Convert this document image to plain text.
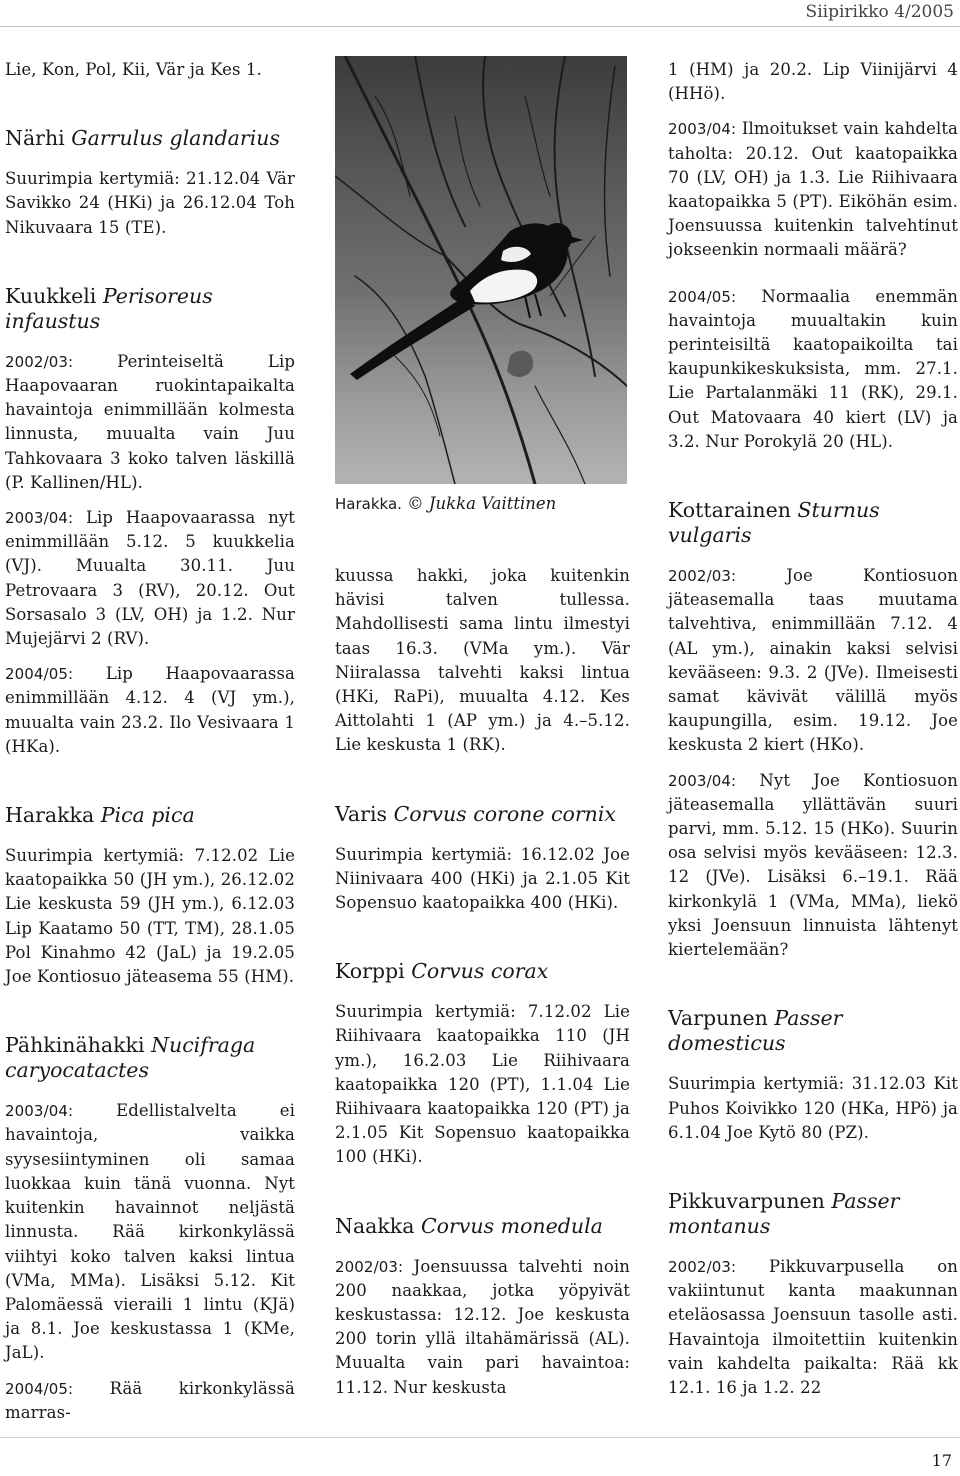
Siipirikko 4/2005

Lie, Kon, Pol, Kii, Vär ja Kes 1.

Närhi Garrulus glandarius

Suurimpia kertymiä: 21.12.04 Vär Savikko 24 (HKi) ja 26.12.04 Toh Nikuvaara 15 (TE).

Kuukkeli Perisoreus infaustus

2002/03: Perinteiseltä Lip Haapovaaran ruokintapaikalta havaintoja enimmillään kolmesta linnusta, muualta vain Juu Tahkovaara 3 koko talven läskillä (P. Kallinen/HL).

2003/04: Lip Haapovaarassa nyt enimmillään 5.12. 5 kuukkelia (VJ). Muualta 30.11. Juu Petrovaara 3 (RV), 20.12. Out Sorsasalo 3 (LV, OH) ja 1.2. Nur Mujejärvi 2 (RV).

2004/05: Lip Haapovaarassa enimmillään 4.12. 4 (VJ ym.), muualta vain 23.2. Ilo Vesivaara 1 (HKa).

Harakka Pica pica

Suurimpia kertymiä: 7.12.02 Lie kaatopaikka 50 (JH ym.), 26.12.02 Lie keskusta 59 (JH ym.), 6.12.03 Lip Kaatamo 50 (TT, TM), 28.1.05 Pol Kinahmo 42 (JaL) ja 19.2.05 Joe Kontiosuo jäteasema 55 (HM).

Pähkinähakki Nucifraga caryocatactes

2003/04: Edellistalvelta ei havaintoja, vaikka syysesiintyminen oli samaa luokkaa kuin tänä vuonna. Nyt kuitenkin havainnot neljästä linnusta. Rää kirkonkylässä viihtyi koko talven kaksi lintua (VMa, MMa). Lisäksi 5.12. Kit Palomäessä vieraili 1 lintu (KJä) ja 8.1. Joe keskustassa 1 (KMe, JaL).

2004/05: Rää kirkonkylässä marras-

Harakka. © Jukka Vaittinen

kuussa hakki, joka kuitenkin hävisi talven tullessa. Mahdollisesti sama lintu ilmestyi taas 16.3. (VMa ym.). Vär Niiralassa talvehti kaksi lintua (HKi, RaPi), muualta 4.12. Kes Aittolahti 1 (AP ym.) ja 4.–5.12. Lie keskusta 1 (RK).

Varis Corvus corone cornix

Suurimpia kertymiä: 16.12.02 Joe Niinivaara 400 (HKi) ja 2.1.05 Kit Sopensuo kaatopaikka 400 (HKi).

Korppi Corvus corax

Suurimpia kertymiä: 7.12.02 Lie Riihivaara kaatopaikka 110 (JH ym.), 16.2.03 Lie Riihivaara kaatopaikka 120 (PT), 1.1.04 Lie Riihivaara kaatopaikka 120 (PT) ja 2.1.05 Kit Sopensuo kaatopaikka 100 (HKi).

Naakka Corvus monedula

2002/03: Joensuussa talvehti noin 200 naakkaa, jotka yöpyivät keskustassa: 12.12. Joe keskusta 200 torin yllä iltahämärissä (AL). Muualta vain pari havaintoa: 11.12. Nur keskusta

1 (HM) ja 20.2. Lip Viinijärvi 4 (HHö).

2003/04: Ilmoitukset vain kahdelta taholta: 20.12. Out kaatopaikka 70 (LV, OH) ja 1.3. Lie Riihivaara kaatopaikka 5 (PT). Eiköhän esim. Joensuussa kuitenkin talvehtinut jokseenkin normaali määrä?

2004/05: Normaalia enemmän havaintoja muualtakin kuin perinteisiltä kaatopaikoilta tai kaupunkikeskuksista, mm. 27.1. Lie Partalanmäki 11 (RK), 29.1. Out Matovaara 40 kiert (LV) ja 3.2. Nur Porokylä 20 (HL).

Kottarainen Sturnus vulgaris

2002/03: Joe Kontiosuon jäteasemalla taas muutama talvehtiva, enimmillään 7.12. 4 (AL ym.), ainakin kaksi selvisi kevääseen: 9.3. 2 (JVe). Ilmeisesti samat kävivät välillä myös kaupungilla, esim. 19.12. Joe keskusta 2 kiert (HKo).

2003/04: Nyt Joe Kontiosuon jäteasemalla yllättävän suuri parvi, mm. 5.12. 15 (HKo). Suurin osa selvisi myös kevääseen: 12.3. 12 (JVe). Lisäksi 6.–19.1. Rää kirkonkylä 1 (VMa, MMa), liekö yksi Joensuun linnuista lähtenyt kiertelemään?

Varpunen Passer domesticus

Suurimpia kertymiä: 31.12.03 Kit Puhos Koivikko 120 (HKa, HPö) ja 6.1.04 Joe Kytö 80 (PZ).

Pikkuvarpunen Passer montanus

2002/03: Pikkuvarpusella on vakiintunut kanta maakunnan eteläosassa Joensuun tasolle asti. Havaintoja ilmoitettiin kuitenkin vain kahdelta paikalta: Rää kk 12.1. 16 ja 1.2. 22

17
